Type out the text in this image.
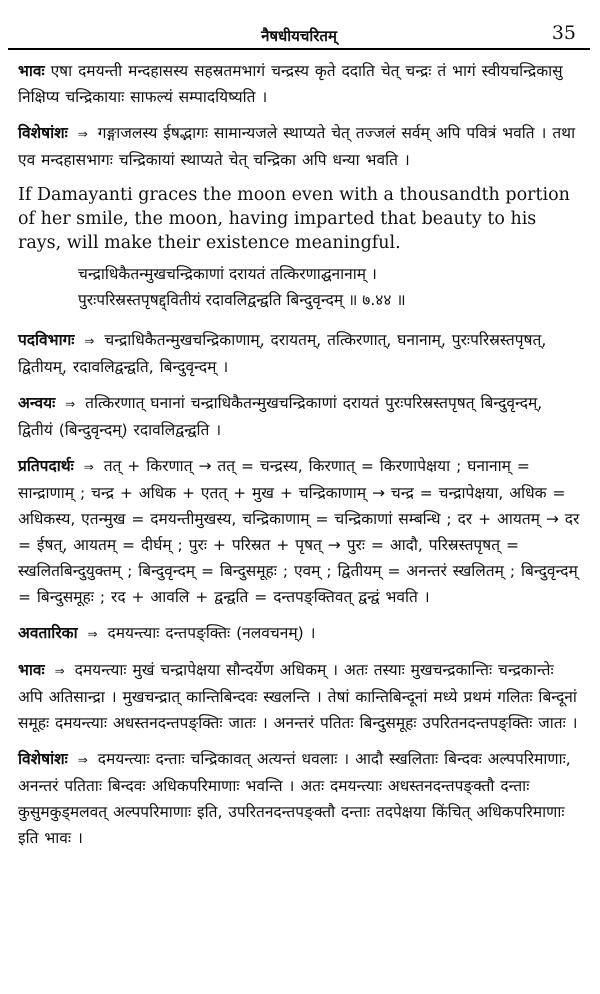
नैषधीयचरितम्	35

भावः एषा दमयन्ती मन्दहासस्य सहस्रतमभागं चन्द्रस्य कृते ददाति चेत् चन्द्रः तं भागं स्वीयचन्द्रिकासु निक्षिप्य चन्द्रिकायाः साफल्यं सम्पादयिष्यति ।

विशेषांशः ⇒ गङ्गाजलस्य ईषद्भागः सामान्यजले स्थाप्यते चेत् तज्जलं सर्वम् अपि पवित्रं भवति । तथा एव मन्दहासभागः चन्द्रिकायां स्थाप्यते चेत् चन्द्रिका अपि धन्या भवति ।

If Damayanti graces the moon even with a thousandth portion of her smile, the moon, having imparted that beauty to his rays, will make their existence meaningful.

चन्द्राधिकैतन्मुखचन्द्रिकाणां दरायतं तत्किरणाद्घनानाम् ।
पुरःपरिस्रस्तपृषद्द्वितीयं रदावलिद्वन्द्वति बिन्दुवृन्दम् ॥ ७.४४ ॥

पदविभागः ⇒ चन्द्राधिकैतन्मुखचन्द्रिकाणाम्, दरायतम्, तत्किरणात्, घनानाम्, पुरःपरिस्रस्तपृषत्, द्वितीयम्, रदावलिद्वन्द्वति, बिन्दुवृन्दम् ।

अन्वयः ⇒ तत्किरणात् घनानां चन्द्राधिकैतन्मुखचन्द्रिकाणां दरायतं पुरःपरिस्रस्तपृषत् बिन्दुवृन्दम्, द्वितीयं (बिन्दुवृन्दम्) रदावलिद्वन्द्वति ।

प्रतिपदार्थः ⇒ तत् + किरणात् → तत् = चन्द्रस्य, किरणात् = किरणापेक्षया ; घनानाम् = सान्द्राणाम् ; चन्द्र + अधिक + एतत् + मुख + चन्द्रिकाणाम् → चन्द्र = चन्द्रापेक्षया, अधिक = अधिकस्य, एतन्मुख = दमयन्तीमुखस्य, चन्द्रिकाणाम् = चन्द्रिकाणां सम्बन्धि ; दर + आयतम् → दर = ईषत्, आयतम् = दीर्घम् ; पुरः + परिस्रत + पृषत् → पुरः = आदौ, परिस्रस्तपृषत् = स्खलितबिन्दुयुक्तम् ; बिन्दुवृन्दम् = बिन्दुसमूहः ; एवम् ; द्वितीयम् = अनन्तरं स्खलितम् ; बिन्दुवृन्दम् = बिन्दुसमूहः ; रद + आवलि + द्वन्द्वति = दन्तपङ्क्तिवत् द्वन्द्वं भवति ।

अवतारिका ⇒ दमयन्त्याः दन्तपङ्क्तिः (नलवचनम्) ।

भावः ⇒ दमयन्त्याः मुखं चन्द्रापेक्षया सौन्दर्येण अधिकम् । अतः तस्याः मुखचन्द्रकान्तिः चन्द्रकान्तेः अपि अतिसान्द्रा । मुखचन्द्रात् कान्तिबिन्दवः स्खलन्ति । तेषां कान्तिबिन्दूनां मध्ये प्रथमं गलितः बिन्दूनां समूहः दमयन्त्याः अधस्तनदन्तपङ्क्तिः जातः । अनन्तरं पतितः बिन्दुसमूहः उपरितनदन्तपङ्क्तिः जातः ।

विशेषांशः ⇒ दमयन्त्याः दन्ताः चन्द्रिकावत् अत्यन्तं धवलाः । आदौ स्खलिताः बिन्दवः अल्पपरिमाणाः, अनन्तरं पतिताः बिन्दवः अधिकपरिमाणाः भवन्ति । अतः दमयन्त्याः अधस्तनदन्तपङ्क्तौ दन्ताः कुसुमकुड्मलवत् अल्पपरिमाणाः इति, उपरितनदन्तपङ्क्तौ दन्ताः तदपेक्षया किंचित् अधिकपरिमाणाः इति भावः ।
